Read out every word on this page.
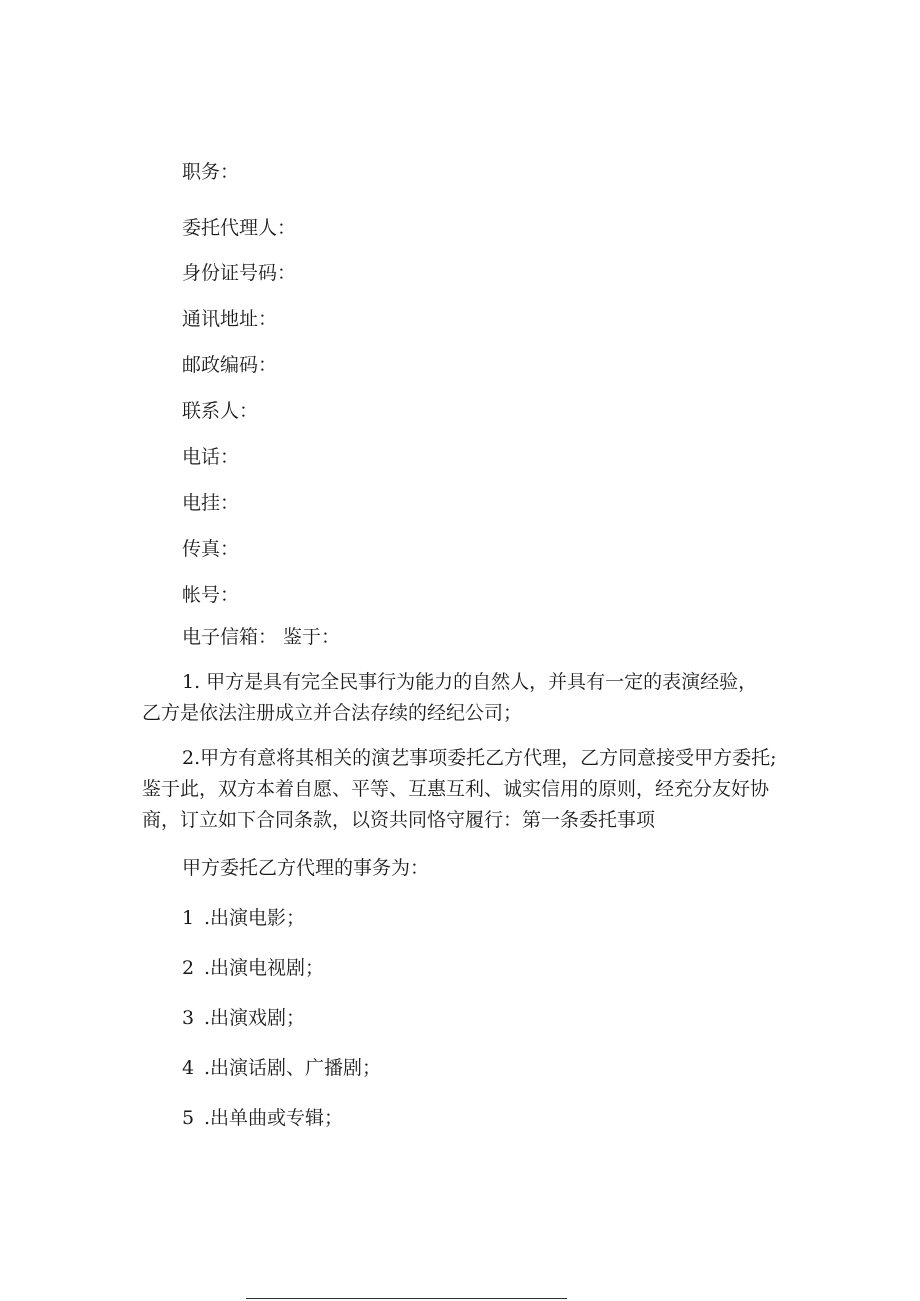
职务：
委托代理人：
身份证号码：
通讯地址：
邮政编码：
联系人：
电话：
电挂：
传真：
帐号：
电子信箱： 鉴于：
1. 甲方是具有完全民事行为能力的自然人，并具有一定的表演经验，
乙方是依法注册成立并合法存续的经纪公司；
2.甲方有意将其相关的演艺事项委托乙方代理，乙方同意接受甲方委托;
鉴于此，双方本着自愿、平等、互惠互利、诚实信用的原则，经充分友好协
商，订立如下合同条款，以资共同恪守履行：第一条委托事项
甲方委托乙方代理的事务为：
1 .出演电影；
2 .出演电视剧；
3 .出演戏剧；
4 .出演话剧、广播剧；
5 .出单曲或专辑；
